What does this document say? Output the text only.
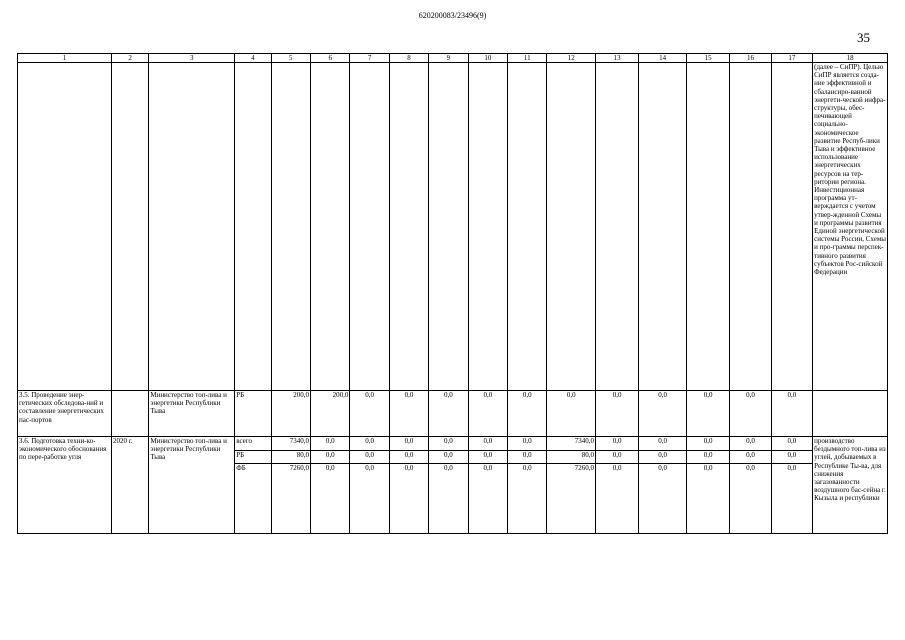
620200083/23496(9)
35
1	2	3	4	5	6	7	8	9	10	11	12	13	14	15	16	17	18
																	(далее – СиПР). Целью СиПР является созда-ние эффективной и сбалансиро-ванной энергети-ческой инфра-структуры, обес-печивающей социально-экономическое развитие Респуб-лики Тыва и эффективное использование энергетических ресурсов на тер-ритории региона. Инвестиционная программа ут-верждается с учетом утвер-жденной Схемы и программы развития Единой энергетической системы России, Схемы и про-граммы перспек-тивного развития субъектов Рос-сийской Федерации
3.5. Проведение энер-гетических обследова-ний и составление энергетических пас-портов		Министерство топ-лива и энергетики Республики Тыва	РБ	200,0	200,0	0,0	0,0	0,0	0,0	0,0	0,0	0,0	0,0	0,0	0,0	0,0	
3.6. Подготовка техни-ко-экономического обоснования по пере-работке угля	2020 г.	Министерство топ-лива и энергетики Республики Тыва	всего	7340,0	0,0	0,0	0,0	0,0	0,0	0,0	7340,0	0,0	0,0	0,0	0,0	0,0	производство бездымного топ-лива из углей, добываемых в Республике Ты-ва, для снижения загазованности воздушного бас-сейна г. Кызыла и республики
			РБ	80,0	0,0	0,0	0,0	0,0	0,0	0,0	80,0	0,0	0,0	0,0	0,0	0,0	
			ФБ	7260,0	0,0	0,0	0,0	0,0	0,0	0,0	7260,0	0,0	0,0	0,0	0,0	0,0	
